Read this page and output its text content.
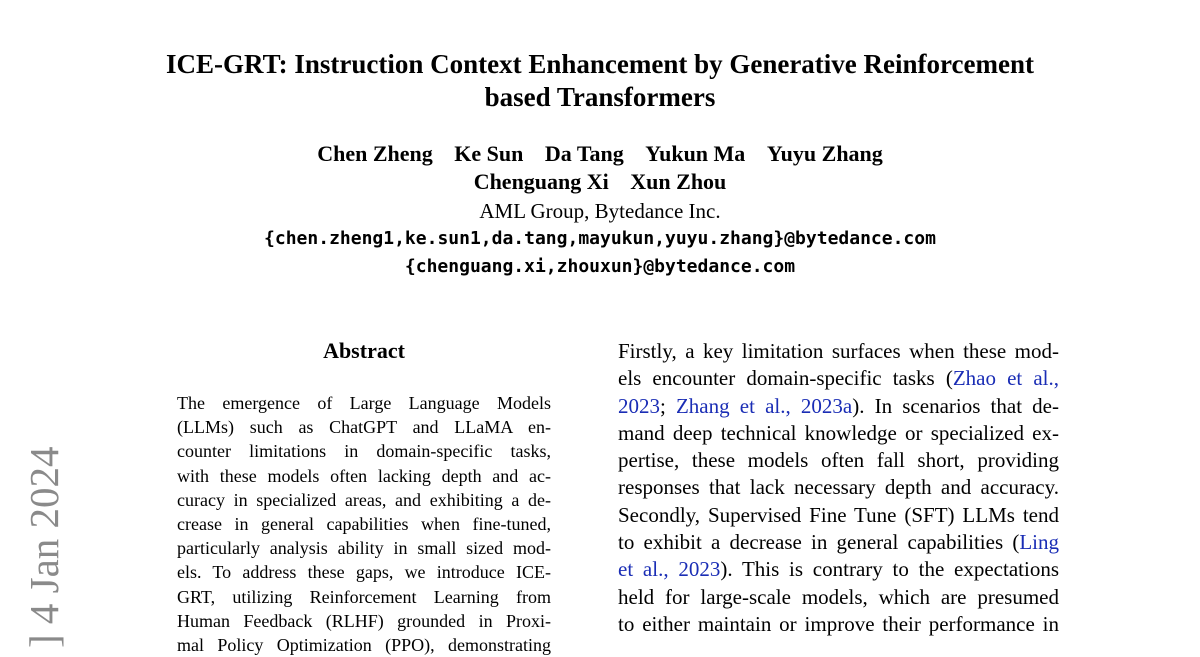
ICE-GRT: Instruction Context Enhancement by Generative Reinforcement
based Transformers
Chen Zheng Ke Sun Da Tang Yukun Ma Yuyu Zhang
Chenguang Xi Xun Zhou
AML Group, Bytedance Inc.
{chen.zheng1,ke.sun1,da.tang,mayukun,yuyu.zhang}@bytedance.com
{chenguang.xi,zhouxun}@bytedance.com
Abstract
The emergence of Large Language Models
(LLMs) such as ChatGPT and LLaMA en-
counter limitations in domain-specific tasks,
with these models often lacking depth and ac-
curacy in specialized areas, and exhibiting a de-
crease in general capabilities when fine-tuned,
particularly analysis ability in small sized mod-
els. To address these gaps, we introduce ICE-
GRT, utilizing Reinforcement Learning from
Human Feedback (RLHF) grounded in Proxi-
mal Policy Optimization (PPO), demonstrating
Firstly, a key limitation surfaces when these mod-
els encounter domain-specific tasks (Zhao et al.,
2023; Zhang et al., 2023a). In scenarios that de-
mand deep technical knowledge or specialized ex-
pertise, these models often fall short, providing
responses that lack necessary depth and accuracy.
Secondly, Supervised Fine Tune (SFT) LLMs tend
to exhibit a decrease in general capabilities (Ling
et al., 2023). This is contrary to the expectations
held for large-scale models, which are presumed
to either maintain or improve their performance in
] 4 Jan 2024
